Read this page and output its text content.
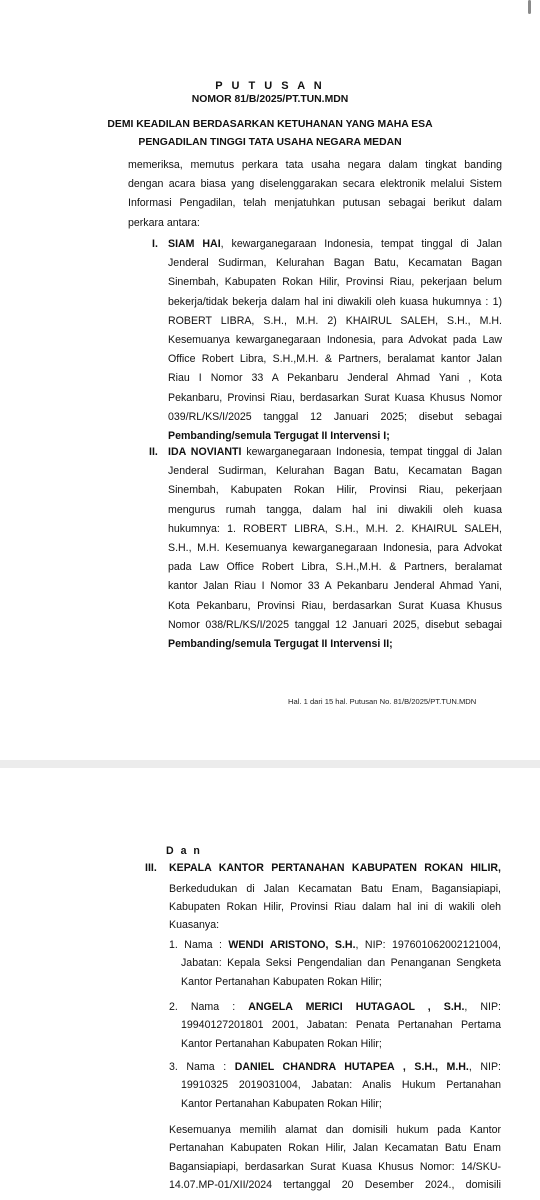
P U T U S A N
NOMOR 81/B/2025/PT.TUN.MDN
DEMI KEADILAN BERDASARKAN KETUHANAN YANG MAHA ESA
PENGADILAN TINGGI TATA USAHA NEGARA MEDAN
memeriksa, memutus perkara tata usaha negara dalam tingkat banding
dengan acara biasa yang diselenggarakan secara elektronik melalui Sistem
Informasi Pengadilan, telah menjatuhkan putusan sebagai berikut dalam
perkara antara:
I. SIAM HAI, kewarganegaraan Indonesia, tempat tinggal di Jalan
Jenderal Sudirman, Kelurahan Bagan Batu, Kecamatan Bagan
Sinembah, Kabupaten Rokan Hilir, Provinsi Riau, pekerjaan belum
bekerja/tidak bekerja dalam hal ini diwakili oleh kuasa hukumnya : 1)
ROBERT LIBRA, S.H., M.H. 2) KHAIRUL SALEH, S.H., M.H.
Kesemuanya kewarganegaraan Indonesia, para Advokat pada Law
Office Robert Libra, S.H.,M.H. & Partners, beralamat kantor Jalan
Riau I Nomor 33 A Pekanbaru Jenderal Ahmad Yani , Kota
Pekanbaru, Provinsi Riau, berdasarkan Surat Kuasa Khusus Nomor
039/RL/KS/I/2025 tanggal 12 Januari 2025; disebut sebagai
Pembanding/semula Tergugat II Intervensi I;
II. IDA NOVIANTI kewarganegaraan Indonesia, tempat tinggal di Jalan
Jenderal Sudirman, Kelurahan Bagan Batu, Kecamatan Bagan
Sinembah, Kabupaten Rokan Hilir, Provinsi Riau, pekerjaan
mengurus rumah tangga, dalam hal ini diwakili oleh kuasa
hukumnya: 1. ROBERT LIBRA, S.H., M.H. 2. KHAIRUL SALEH,
S.H., M.H. Kesemuanya kewarganegaraan Indonesia, para Advokat
pada Law Office Robert Libra, S.H.,M.H. & Partners, beralamat
kantor Jalan Riau I Nomor 33 A Pekanbaru Jenderal Ahmad Yani,
Kota Pekanbaru, Provinsi Riau, berdasarkan Surat Kuasa Khusus
Nomor 038/RL/KS/I/2025 tanggal 12 Januari 2025, disebut sebagai
Pembanding/semula Tergugat II Intervensi II;
Hal. 1 dari 15 hal. Putusan No. 81/B/2025/PT.TUN.MDN
D a n
III. KEPALA KANTOR PERTANAHAN KABUPATEN ROKAN HILIR,
Berkedudukan di Jalan Kecamatan Batu Enam, Bagansiapiapi,
Kabupaten Rokan Hilir, Provinsi Riau dalam hal ini di wakili oleh
Kuasanya:
1. Nama : WENDI ARISTONO, S.H., NIP: 197601062002121004,
Jabatan: Kepala Seksi Pengendalian dan Penanganan Sengketa
Kantor Pertanahan Kabupaten Rokan Hilir;
2. Nama : ANGELA MERICI HUTAGAOL , S.H., NIP:
19940127201801 2001, Jabatan: Penata Pertanahan Pertama
Kantor Pertanahan Kabupaten Rokan Hilir;
3. Nama : DANIEL CHANDRA HUTAPEA , S.H., M.H., NIP:
19910325 2019031004, Jabatan: Analis Hukum Pertanahan
Kantor Pertanahan Kabupaten Rokan Hilir;
Kesemuanya memilih alamat dan domisili hukum pada Kantor
Pertanahan Kabupaten Rokan Hilir, Jalan Kecamatan Batu Enam
Bagansiapiapi, berdasarkan Surat Kuasa Khusus Nomor: 14/SKU-
14.07.MP-01/XII/2024 tertanggal 20 Desember 2024., domisili
